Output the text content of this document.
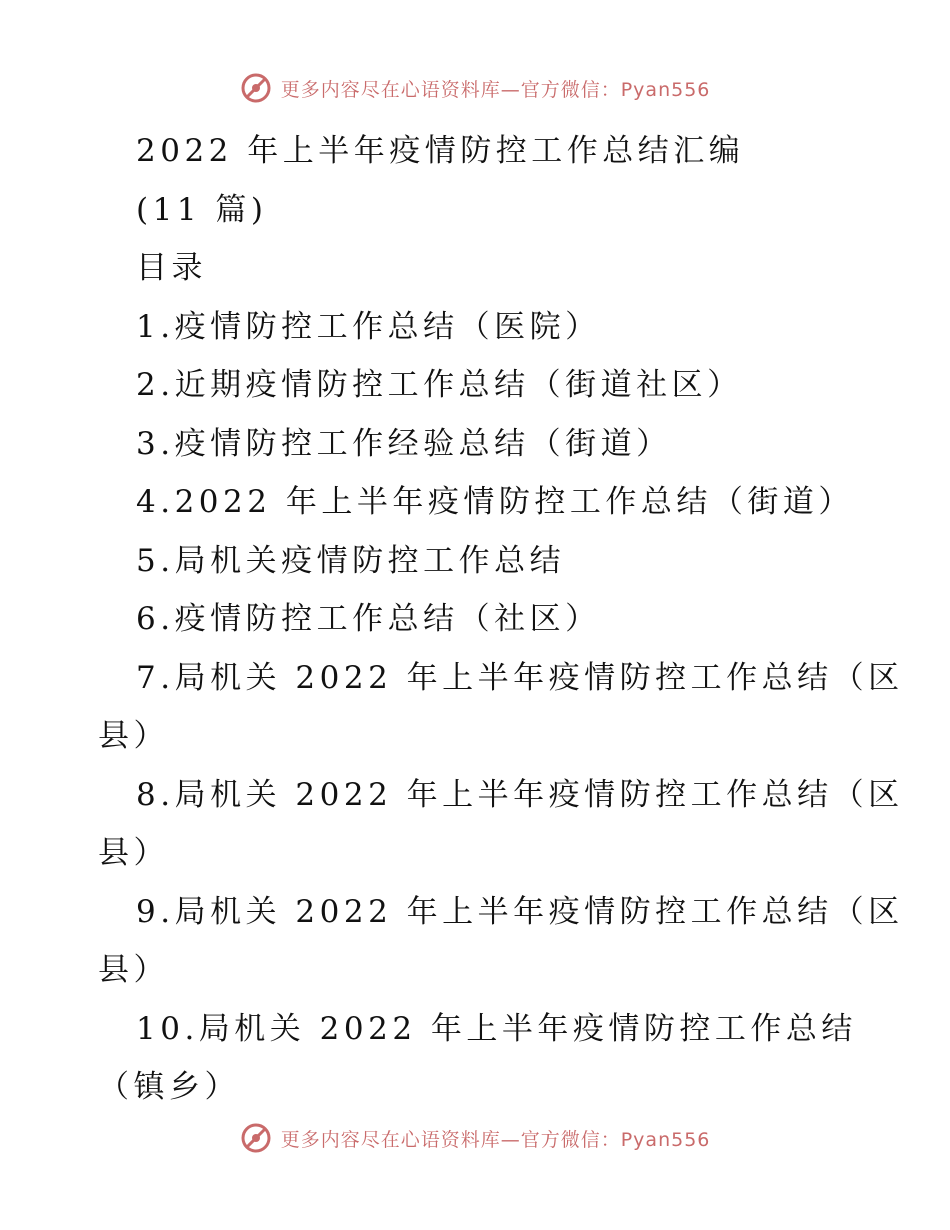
更多内容尽在心语资料库—官方微信：Pyan556
2022 年上半年疫情防控工作总结汇编
(11 篇)
目录
1.疫情防控工作总结（医院）
2.近期疫情防控工作总结（街道社区）
3.疫情防控工作经验总结（街道）
4.2022 年上半年疫情防控工作总结（街道）
5.局机关疫情防控工作总结
6.疫情防控工作总结（社区）
7.局机关 2022 年上半年疫情防控工作总结（区
县）
8.局机关 2022 年上半年疫情防控工作总结（区
县）
9.局机关 2022 年上半年疫情防控工作总结（区
县）
10.局机关 2022 年上半年疫情防控工作总结
（镇乡）
更多内容尽在心语资料库—官方微信：Pyan556
